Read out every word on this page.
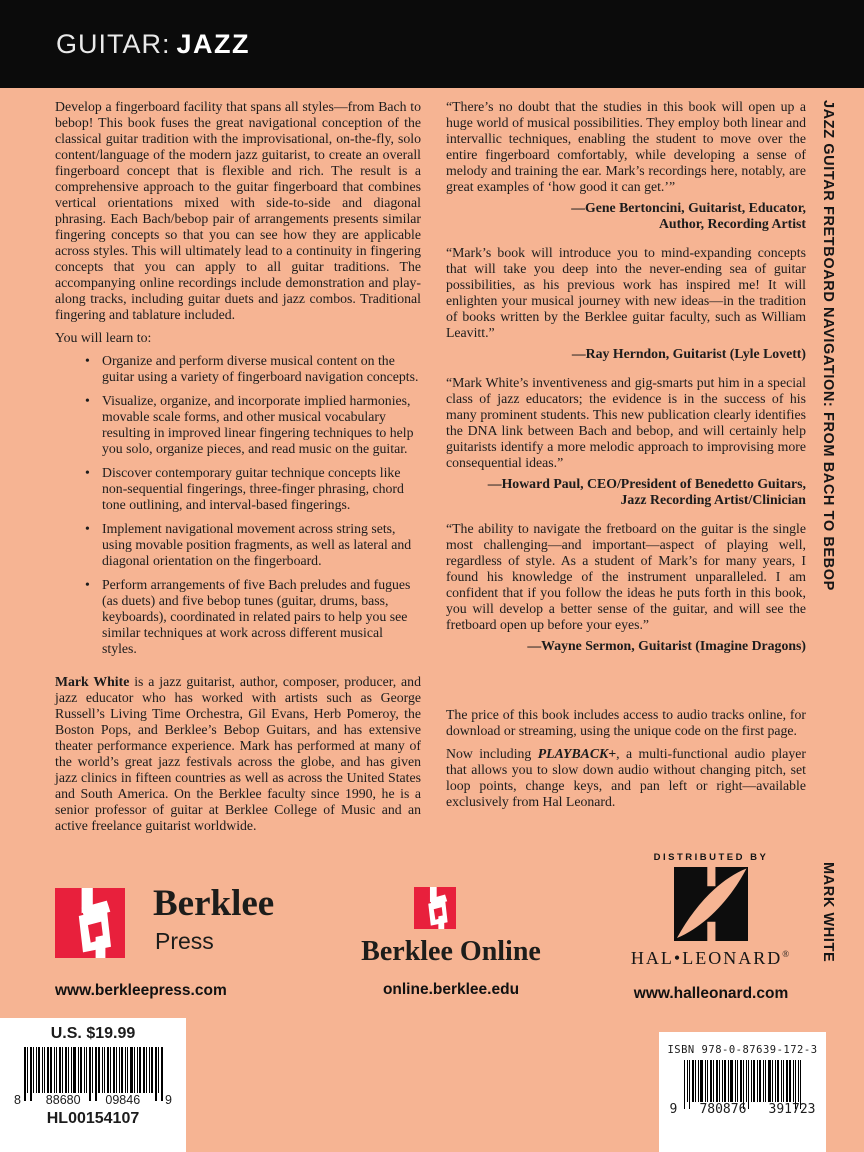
GUITAR: JAZZ

Develop a fingerboard facility that spans all styles—from Bach to bebop! This book fuses the great navigational conception of the classical guitar tradition with the improvisational, on-the-fly, solo content/language of the modern jazz guitarist, to create an overall fingerboard concept that is flexible and rich. The result is a comprehensive approach to the guitar fingerboard that combines vertical orientations mixed with side-to-side and diagonal phrasing. Each Bach/bebop pair of arrangements presents similar fingering concepts so that you can see how they are applicable across styles. This will ultimately lead to a continuity in fingering concepts that you can apply to all guitar traditions. The accompanying online recordings include demonstration and play-along tracks, including guitar duets and jazz combos. Traditional fingering and tablature included.

You will learn to:

• Organize and perform diverse musical content on the guitar using a variety of fingerboard navigation concepts.
• Visualize, organize, and incorporate implied harmonies, movable scale forms, and other musical vocabulary resulting in improved linear fingering techniques to help you solo, organize pieces, and read music on the guitar.
• Discover contemporary guitar technique concepts like non-sequential fingerings, three-finger phrasing, chord tone outlining, and interval-based fingerings.
• Implement navigational movement across string sets, using movable position fragments, as well as lateral and diagonal orientation on the fingerboard.
• Perform arrangements of five Bach preludes and fugues (as duets) and five bebop tunes (guitar, drums, bass, keyboards), coordinated in related pairs to help you see similar techniques at work across different musical styles.

Mark White is a jazz guitarist, author, composer, producer, and jazz educator who has worked with artists such as George Russell’s Living Time Orchestra, Gil Evans, Herb Pomeroy, the Boston Pops, and Berklee’s Bebop Guitars, and has extensive theater performance experience. Mark has performed at many of the world’s great jazz festivals across the globe, and has given jazz clinics in fifteen countries as well as across the United States and South America. On the Berklee faculty since 1990, he is a senior professor of guitar at Berklee College of Music and an active freelance guitarist worldwide.

“There’s no doubt that the studies in this book will open up a huge world of musical possibilities. They employ both linear and intervallic techniques, enabling the student to move over the entire fingerboard comfortably, while developing a sense of melody and training the ear. Mark’s recordings here, notably, are great examples of ‘how good it can get.’”

—Gene Bertoncini, Guitarist, Educator,
Author, Recording Artist

“Mark’s book will introduce you to mind-expanding concepts that will take you deep into the never-ending sea of guitar possibilities, as his previous work has inspired me! It will enlighten your musical journey with new ideas—in the tradition of books written by the Berklee guitar faculty, such as William Leavitt.”

—Ray Herndon, Guitarist (Lyle Lovett)

“Mark White’s inventiveness and gig-smarts put him in a special class of jazz educators; the evidence is in the success of his many prominent students. This new publication clearly identifies the DNA link between Bach and bebop, and will certainly help guitarists identify a more melodic approach to improvising more consequential ideas.”

—Howard Paul, CEO/President of Benedetto Guitars,
Jazz Recording Artist/Clinician

“The ability to navigate the fretboard on the guitar is the single most challenging—and important—aspect of playing well, regardless of style. As a student of Mark’s for many years, I found his knowledge of the instrument unparalleled. I am confident that if you follow the ideas he puts forth in this book, you will develop a better sense of the guitar, and will see the fretboard open up before your eyes.”

—Wayne Sermon, Guitarist (Imagine Dragons)

The price of this book includes access to audio tracks online, for download or streaming, using the unique code on the first page.

Now including PLAYBACK+, a multi-functional audio player that allows you to slow down audio without changing pitch, set loop points, change keys, and pan left or right—available exclusively from Hal Leonard.

JAZZ GUITAR FRETBOARD NAVIGATION: FROM BACH TO BEBOP
MARK WHITE
Berklee
Press
www.berkleepress.com
Berklee Online
online.berklee.edu
DISTRIBUTED BY
HAL•LEONARD®
www.halleonard.com
U.S. $19.99
8 88680 09846 9
HL00154107
ISBN 978-0-87639-172-3
9 780876 391723
